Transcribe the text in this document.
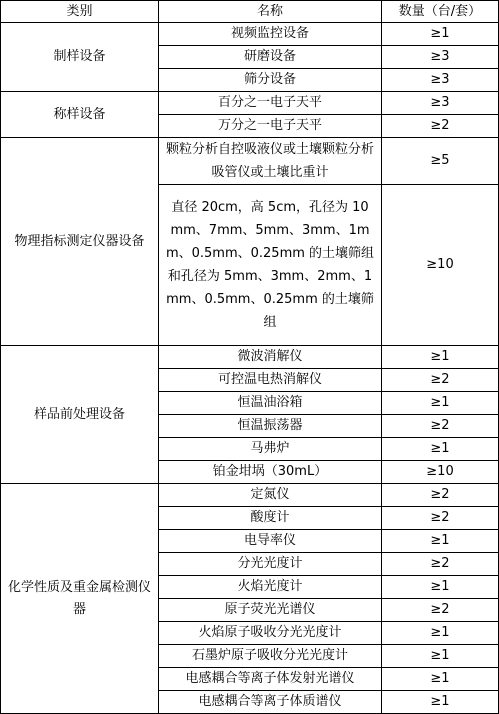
类别	名称	数量（台/套）
制样设备	视频监控设备	≥1
	研磨设备	≥3
	筛分设备	≥3
称样设备	百分之一电子天平	≥3
	万分之一电子天平	≥2
物理指标测定仪器设备	颗粒分析自控吸液仪或土壤颗粒分析吸管仪或土壤比重计	≥5
	直径 20cm，高 5cm，孔径为 10mm、7mm、5mm、3mm、1mm、0.5mm、0.25mm 的土壤筛组和孔径为 5mm、3mm、2mm、1mm、0.5mm、0.25mm 的土壤筛组	≥10
样品前处理设备	微波消解仪	≥1
	可控温电热消解仪	≥2
	恒温油浴箱	≥1
	恒温振荡器	≥2
	马弗炉	≥1
	铂金坩埚（30mL）	≥10
化学性质及重金属检测仪器	定氮仪	≥2
	酸度计	≥2
	电导率仪	≥1
	分光光度计	≥2
	火焰光度计	≥1
	原子荧光光谱仪	≥2
	火焰原子吸收分光光度计	≥1
	石墨炉原子吸收分光光度计	≥1
	电感耦合等离子体发射光谱仪	≥1
	电感耦合等离子体质谱仪	≥1
